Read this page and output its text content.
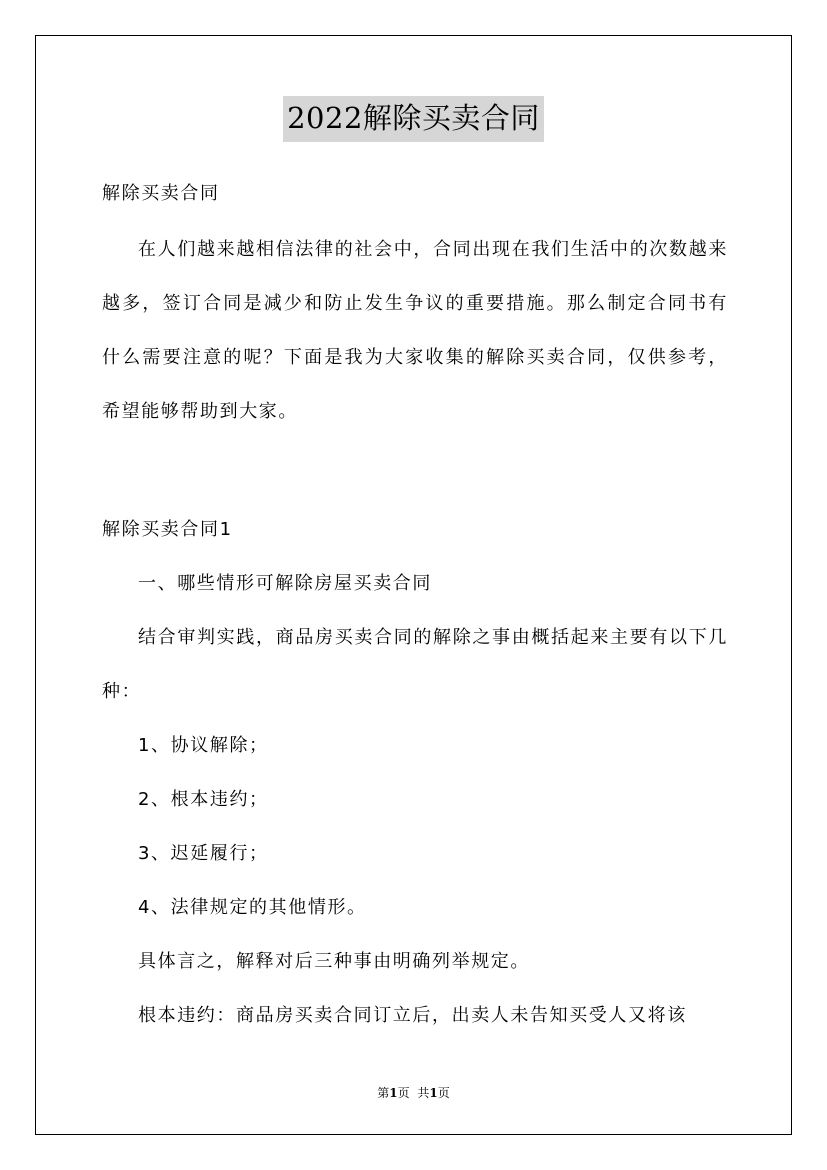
2022解除买卖合同

解除买卖合同

在人们越来越相信法律的社会中，合同出现在我们生活中的次数越来越多，签订合同是减少和防止发生争议的重要措施。那么制定合同书有什么需要注意的呢？下面是我为大家收集的解除买卖合同，仅供参考，希望能够帮助到大家。

解除买卖合同1

一、哪些情形可解除房屋买卖合同

结合审判实践，商品房买卖合同的解除之事由概括起来主要有以下几种：

1、协议解除；

2、根本违约；

3、迟延履行；

4、法律规定的其他情形。

具体言之，解释对后三种事由明确列举规定。

根本违约：商品房买卖合同订立后，出卖人未告知买受人又将该

第1页 共1页
